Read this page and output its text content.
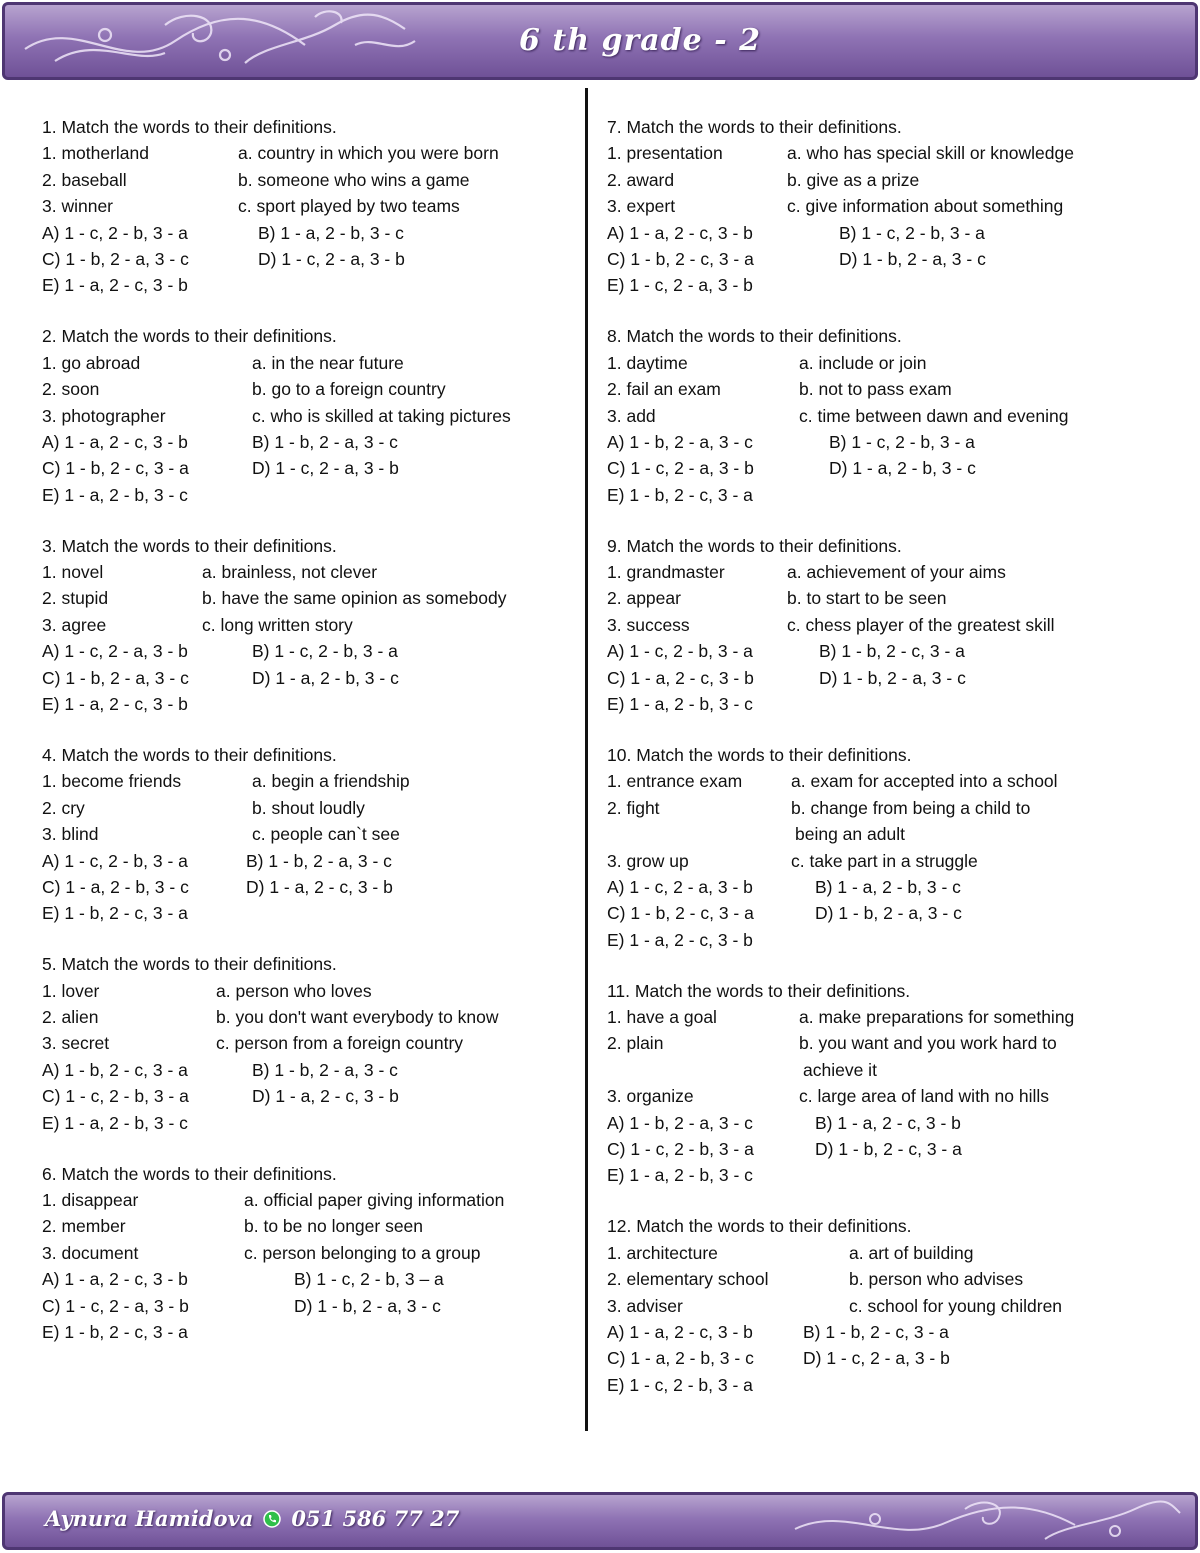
6 th grade - 2
1. Match the words to their definitions.
1. motherland	a. country in which you were born
2. baseball	b. someone who wins a game
3. winner	c. sport played by two teams
A) 1 - c, 2 - b, 3 - a	B) 1 - a, 2 - b, 3 - c
C) 1 - b, 2 - a, 3 - c	D) 1 - c, 2 - a, 3 - b
E) 1 - a, 2 - c, 3 - b
2. Match the words to their definitions.
1. go abroad	a. in the near future
2. soon	b. go to a foreign country
3. photographer	c. who is skilled at taking pictures
A) 1 - a, 2 - c, 3 - b	B) 1 - b, 2 - a, 3 - c
C) 1 - b, 2 - c, 3 - a	D) 1 - c, 2 - a, 3 - b
E) 1 - a, 2 - b, 3 - c
3. Match the words to their definitions.
1. novel	a. brainless, not clever
2. stupid	b. have the same opinion as somebody
3. agree	c. long written story
A) 1 - c, 2 - a, 3 - b	B) 1 - c, 2 - b, 3 - a
C) 1 - b, 2 - a, 3 - c	D) 1 - a, 2 - b, 3 - c
E) 1 - a, 2 - c, 3 - b
4. Match the words to their definitions.
1. become friends	a. begin a friendship
2. cry	b. shout loudly
3. blind	c. people can`t see
A) 1 - c, 2 - b, 3 - a	B) 1 - b, 2 - a, 3 - c
C) 1 - a, 2 - b, 3 - c	D) 1 - a, 2 - c, 3 - b
E) 1 - b, 2 - c, 3 - a
5. Match the words to their definitions.
1. lover	a. person who loves
2. alien	b. you don't want everybody to know
3. secret	c. person from a foreign country
A) 1 - b, 2 - c, 3 - a	B) 1 - b, 2 - a, 3 - c
C) 1 - c, 2 - b, 3 - a	D) 1 - a, 2 - c, 3 - b
E) 1 - a, 2 - b, 3 - c
6. Match the words to their definitions.
1. disappear	a. official paper giving information
2. member	b. to be no longer seen
3. document	c. person belonging to a group
A) 1 - a, 2 - c, 3 - b	B) 1 - c, 2 - b, 3 – a
C) 1 - c, 2 - a, 3 - b	D) 1 - b, 2 - a, 3 - c
E) 1 - b, 2 - c, 3 - a
7. Match the words to their definitions.
1. presentation	a. who has special skill or knowledge
2. award	b. give as a prize
3. expert	c. give information about something
A) 1 - a, 2 - c, 3 - b	B) 1 - c, 2 - b, 3 - a
C) 1 - b, 2 - c, 3 - a	D) 1 - b, 2 - a, 3 - c
E) 1 - c, 2 - a, 3 - b
8. Match the words to their definitions.
1. daytime	a. include or join
2. fail an exam	b. not to pass exam
3. add	c. time between dawn and evening
A) 1 - b, 2 - a, 3 - c	B) 1 - c, 2 - b, 3 - a
C) 1 - c, 2 - a, 3 - b	D) 1 - a, 2 - b, 3 - c
E) 1 - b, 2 - c, 3 - a
9. Match the words to their definitions.
1. grandmaster	a. achievement of your aims
2. appear	b. to start to be seen
3. success	c. chess player of the greatest skill
A) 1 - c, 2 - b, 3 - a	B) 1 - b, 2 - c, 3 - a
C) 1 - a, 2 - c, 3 - b	D) 1 - b, 2 - a, 3 - c
E) 1 - a, 2 - b, 3 - c
10. Match the words to their definitions.
1. entrance exam	a. exam for accepted into a school
2. fight	b. change from being a child to
being an adult
3. grow up	c. take part in a struggle
A) 1 - c, 2 - a, 3 - b	B) 1 - a, 2 - b, 3 - c
C) 1 - b, 2 - c, 3 - a	D) 1 - b, 2 - a, 3 - c
E) 1 - a, 2 - c, 3 - b
11. Match the words to their definitions.
1. have a goal	a. make preparations for something
2. plain	b. you want and you work hard to
achieve it
3. organize	c. large area of land with no hills
A) 1 - b, 2 - a, 3 - c	B) 1 - a, 2 - c, 3 - b
C) 1 - c, 2 - b, 3 - a	D) 1 - b, 2 - c, 3 - a
E) 1 - a, 2 - b, 3 - c
12. Match the words to their definitions.
1. architecture	a. art of building
2. elementary school	b. person who advises
3. adviser	c. school for young children
A) 1 - a, 2 - c, 3 - b	B) 1 - b, 2 - c, 3 - a
C) 1 - a, 2 - b, 3 - c	D) 1 - c, 2 - a, 3 - b
E) 1 - c, 2 - b, 3 - a
Aynura Hamidova 051 586 77 27
